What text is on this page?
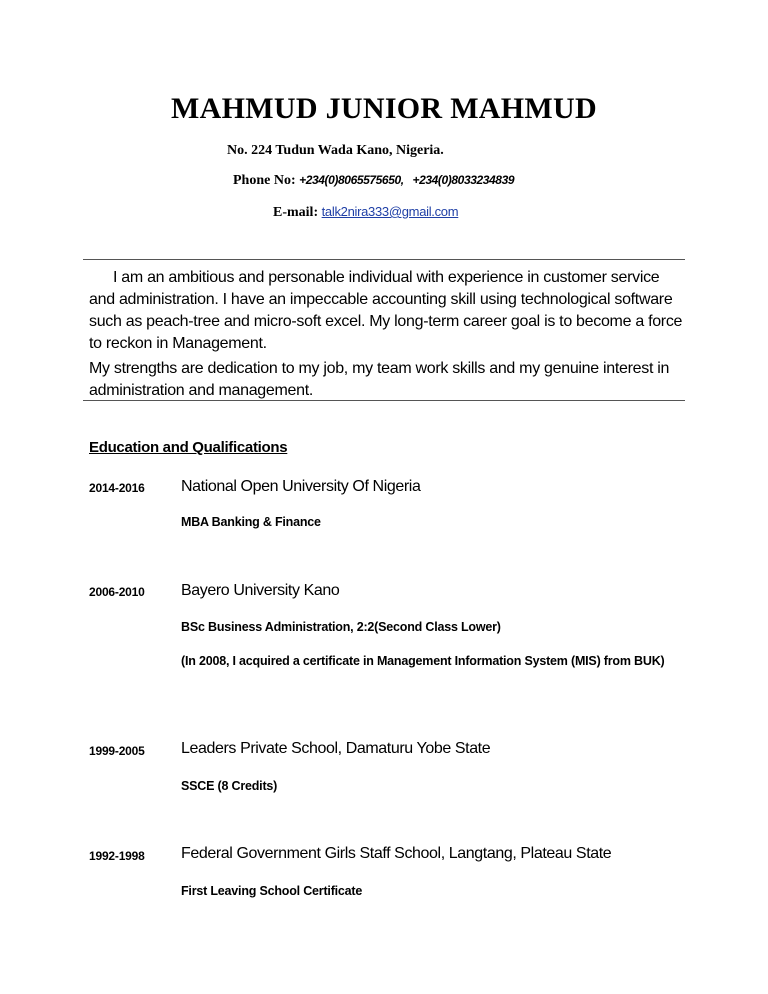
MAHMUD JUNIOR MAHMUD
No. 224 Tudun Wada Kano, Nigeria.
Phone No: +234(0)8065575650,   +234(0)8033234839
E-mail: talk2nira333@gmail.com

I am an ambitious and personable individual with experience in customer service and administration. I have an impeccable accounting skill using technological software such as peach-tree and micro-soft excel. My long-term career goal is to become a force to reckon in Management.

My strengths are dedication to my job, my team work skills and my genuine interest in administration and management.

Education and Qualifications
2014-2016 National Open University Of Nigeria
MBA Banking & Finance
2006-2010 Bayero University Kano
BSc Business Administration, 2:2(Second Class Lower)
(In 2008, I acquired a certificate in Management Information System (MIS) from BUK)
1999-2005 Leaders Private School, Damaturu Yobe State
SSCE (8 Credits)
1992-1998 Federal Government Girls Staff School, Langtang, Plateau State
First Leaving School Certificate
